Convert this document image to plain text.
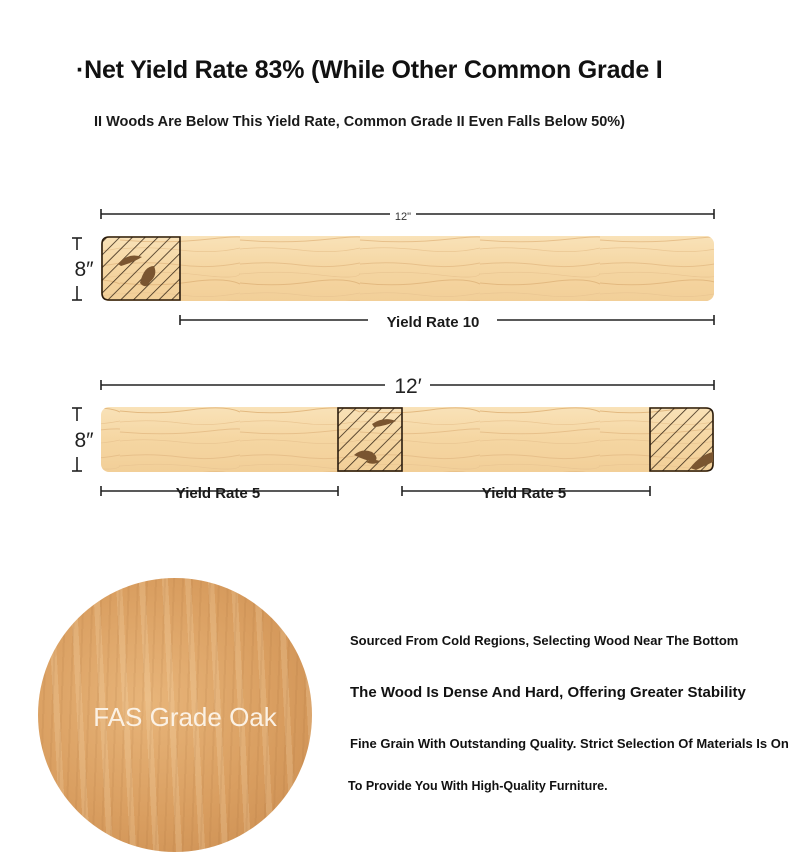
·Net Yield Rate 83% (While Other Common Grade I
II Woods Are Below This Yield Rate, Common Grade II Even Falls Below 50%)
12"
8″
Yield Rate 10
12′
8″
Yield Rate 5	Yield Rate 5
FAS Grade Oak
Sourced From Cold Regions, Selecting Wood Near The Bottom
The Wood Is Dense And Hard, Offering Greater Stability
Fine Grain With Outstanding Quality. Strict Selection Of Materials Is On
To Provide You With High-Quality Furniture.
